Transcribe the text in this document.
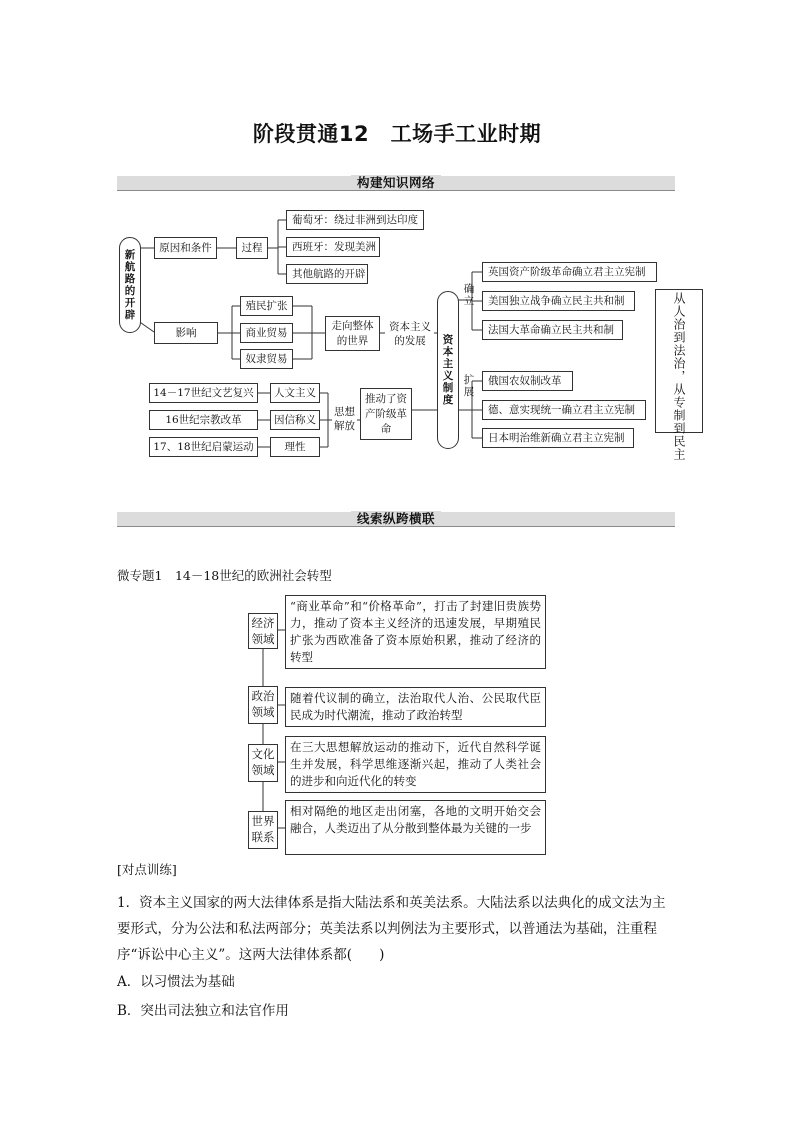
阶段贯通12　工场手工业时期
构建知识网络
新航路的开辟
原因和条件	过程
葡萄牙：绕过非洲到达印度
西班牙：发现美洲
其他航路的开辟
影响
殖民扩张
商业贸易
奴隶贸易
走向整体的世界
资本主义的发展
14－17世纪文艺复兴
16世纪宗教改革
17、18世纪启蒙运动
人文主义
因信称义
理性
思想解放
推动了资产阶级革命
资本主义制度
确立
扩展
英国资产阶级革命确立君主立宪制
美国独立战争确立民主共和制
法国大革命确立民主共和制
俄国农奴制改革
德、意实现统一确立君主立宪制
日本明治维新确立君主立宪制	从人治到法治，从专制到民主
线索纵跨横联
微专题1　14－18世纪的欧洲社会转型
经济领域
“商业革命”和“价格革命”，打击了封建旧贵族势力，推动了资本主义经济的迅速发展，早期殖民扩张为西欧准备了资本原始积累，推动了经济的转型
政治领域
随着代议制的确立，法治取代人治、公民取代臣民成为时代潮流，推动了政治转型
文化领域
在三大思想解放运动的推动下，近代自然科学诞生并发展，科学思维逐渐兴起，推动了人类社会的进步和向近代化的转变
世界联系
相对隔绝的地区走出闭塞，各地的文明开始交会融合，人类迈出了从分散到整体最为关键的一步
[对点训练]
1．资本主义国家的两大法律体系是指大陆法系和英美法系。大陆法系以法典化的成文法为主要形式，分为公法和私法两部分；英美法系以判例法为主要形式，以普通法为基础，注重程序“诉讼中心主义”。这两大法律体系都(　　)
A．以习惯法为基础
B．突出司法独立和法官作用
